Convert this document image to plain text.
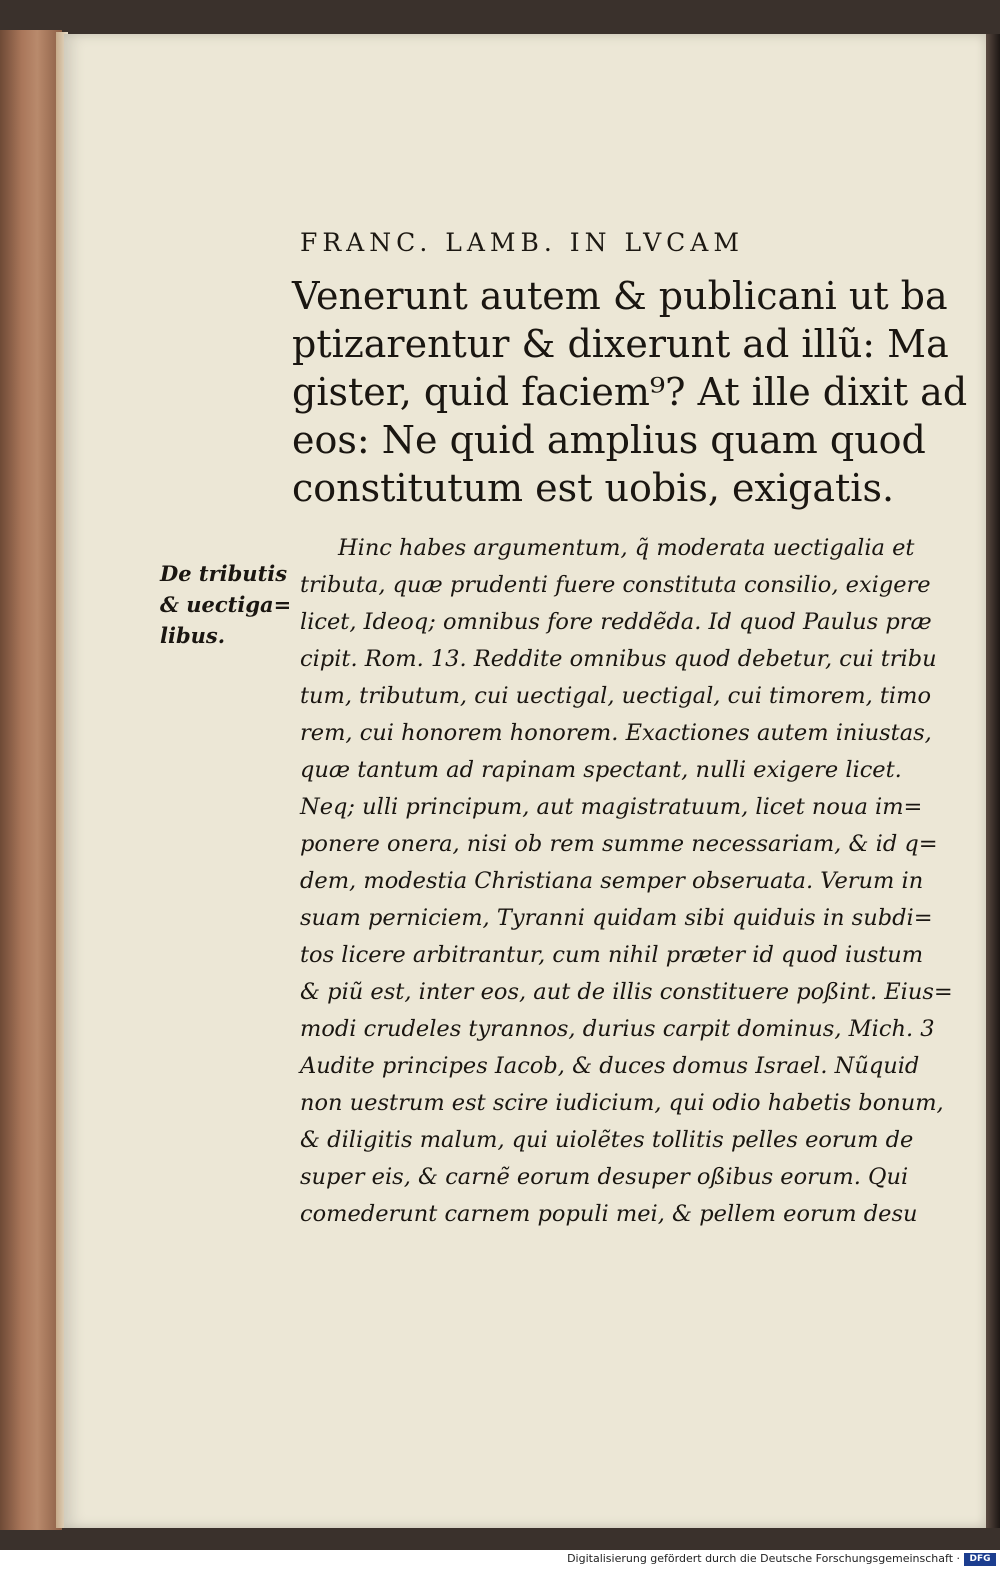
FRANC. LAMB. IN LVCAM
Venerunt autem & publicani ut ba
ptizarentur & dixerunt ad illũ: Ma
gister, quid faciem⁹? At ille dixit ad
eos: Ne quid amplius quam quod
constitutum est uobis, exigatis.
De tributis
& uectiga=
libus.
Hinc habes argumentum, q̃ moderata uectigalia et
tributa, quæ prudenti fuere constituta consilio, exigere
licet, Ideoq; omnibus fore reddẽda. Id quod Paulus præ
cipit. Rom. 13. Reddite omnibus quod debetur, cui tribu
tum, tributum, cui uectigal, uectigal, cui timorem, timo
rem, cui honorem honorem. Exactiones autem iniustas,
quæ tantum ad rapinam spectant, nulli exigere licet.
Neq; ulli principum, aut magistratuum, licet noua im=
ponere onera, nisi ob rem summe necessariam, & id q=
dem, modestia Christiana semper obseruata. Verum in
suam perniciem, Tyranni quidam sibi quiduis in subdi=
tos licere arbitrantur, cum nihil præter id quod iustum
& piũ est, inter eos, aut de illis constituere poßint. Eius=
modi crudeles tyrannos, durius carpit dominus, Mich. 3
Audite principes Iacob, & duces domus Israel. Nũquid
non uestrum est scire iudicium, qui odio habetis bonum,
& diligitis malum, qui uiolẽtes tollitis pelles eorum de
super eis, & carnẽ eorum desuper oßibus eorum. Qui
comederunt carnem populi mei, & pellem eorum desu
Digitalisierung gefördert durch die Deutsche Forschungsgemeinschaft ·	DFG
